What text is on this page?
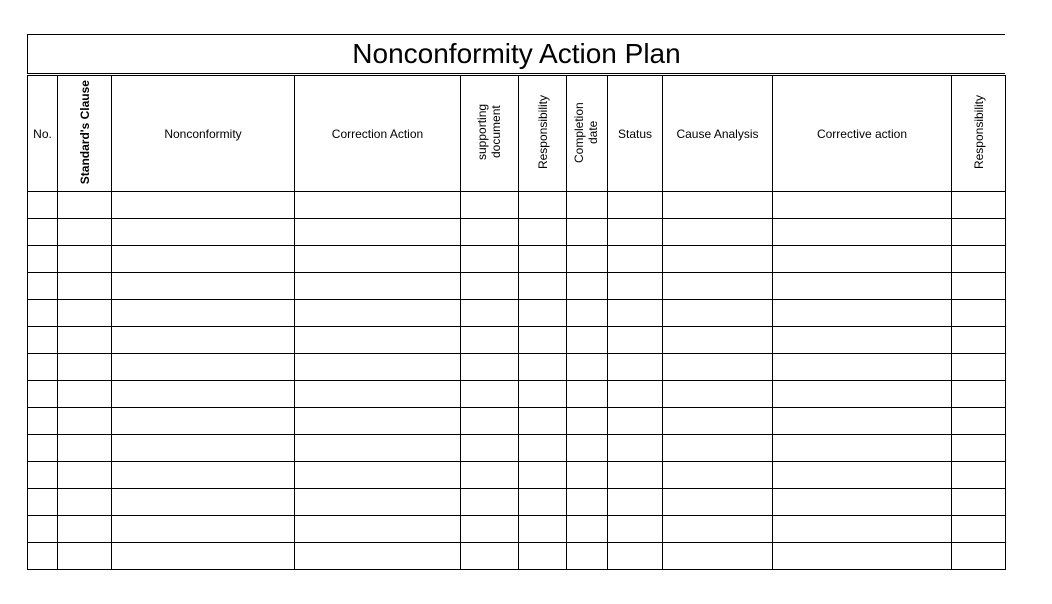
Nonconformity Action Plan
No.	Standard's Clause	Nonconformity	Correction Action	supporting document	Responsibility	Completion date	Status	Cause Analysis	Corrective action	Responsibility
